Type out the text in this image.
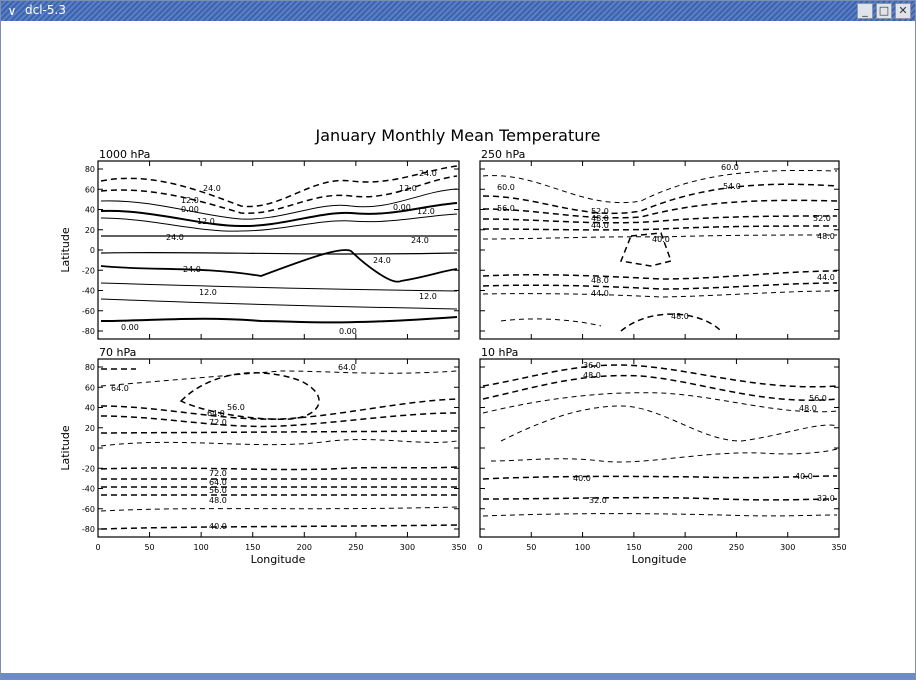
∨ dcl-5.3	_	□ ✕
January Monthly Mean Temperature
1000 hPa
24.0
12.0
24.0
12.0
0.00
12.0
0.00 12.0
24.0	24.0
24.0
12.0	12.0
0.00	0.00
24.0
250 hPa
60.0
54.0
60.0
56.0	52.0
48.0
44.0
52.0
48.0
40.0
44.0
48.0
44.0
48.0
70 hPa
64.0
64.0
56.0
64.0
72.0
72.0
64.0
56.0
48.0
40.0
10 hPa
36.0
48.0
56.0
48.0
40.0	40.0
32.0	32.0
Latitude
Latitude
Longitude	Longitude
80
60
40
20
0
-20
-40
-60
-80
80
60
40
20
0
-20
-40
-60
-80
0	50	100	150	200	250	300	350 0	50	100	150	200	250	300	350
